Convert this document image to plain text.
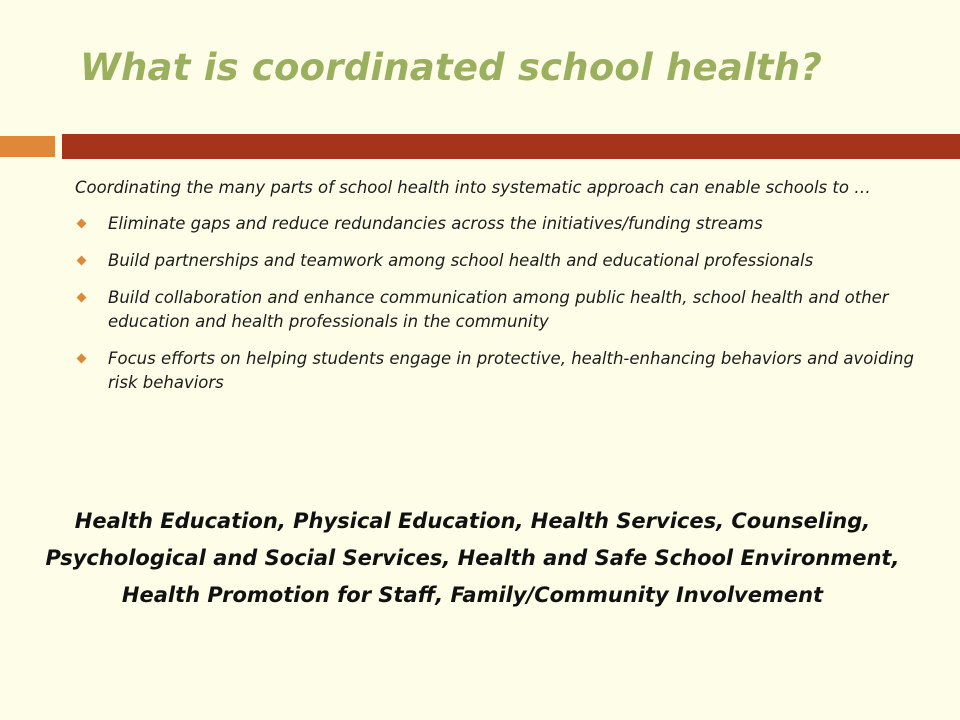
What is coordinated school health?

Coordinating the many parts of school health into systematic approach can enable schools to …

Eliminate gaps and reduce redundancies across the initiatives/funding streams
Build partnerships and teamwork among school health and educational professionals
Build collaboration and enhance communication among public health, school health and other education and health professionals in the community
Focus efforts on helping students engage in protective, health-enhancing behaviors and avoiding risk behaviors
Health Education, Physical Education, Health Services, Counseling, Psychological and Social Services, Health and Safe School Environment, Health Promotion for Staff, Family/Community Involvement
